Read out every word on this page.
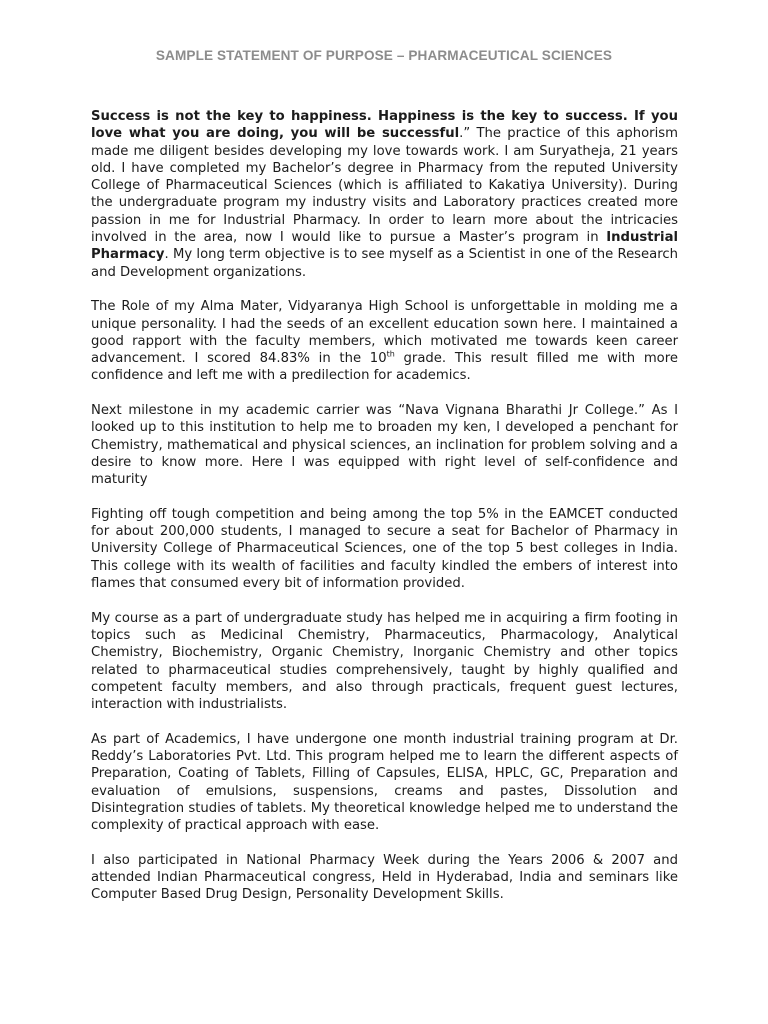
SAMPLE STATEMENT OF PURPOSE – PHARMACEUTICAL SCIENCES

Success is not the key to happiness. Happiness is the key to success. If you love what you are doing, you will be successful.” The practice of this aphorism made me diligent besides developing my love towards work. I am Suryatheja, 21 years old. I have completed my Bachelor’s degree in Pharmacy from the reputed University College of Pharmaceutical Sciences (which is affiliated to Kakatiya University). During the undergraduate program my industry visits and Laboratory practices created more passion in me for Industrial Pharmacy. In order to learn more about the intricacies involved in the area, now I would like to pursue a Master’s program in Industrial Pharmacy. My long term objective is to see myself as a Scientist in one of the Research and Development organizations.

The Role of my Alma Mater, Vidyaranya High School is unforgettable in molding me a unique personality. I had the seeds of an excellent education sown here. I maintained a good rapport with the faculty members, which motivated me towards keen career advancement. I scored 84.83% in the 10th grade. This result filled me with more confidence and left me with a predilection for academics.

Next milestone in my academic carrier was “Nava Vignana Bharathi Jr College.” As I looked up to this institution to help me to broaden my ken, I developed a penchant for Chemistry, mathematical and physical sciences, an inclination for problem solving and a desire to know more. Here I was equipped with right level of self-confidence and maturity

Fighting off tough competition and being among the top 5% in the EAMCET conducted for about 200,000 students, I managed to secure a seat for Bachelor of Pharmacy in University College of Pharmaceutical Sciences, one of the top 5 best colleges in India. This college with its wealth of facilities and faculty kindled the embers of interest into flames that consumed every bit of information provided.

My course as a part of undergraduate study has helped me in acquiring a firm footing in topics such as Medicinal Chemistry, Pharmaceutics, Pharmacology, Analytical Chemistry, Biochemistry, Organic Chemistry, Inorganic Chemistry and other topics related to pharmaceutical studies comprehensively, taught by highly qualified and competent faculty members, and also through practicals, frequent guest lectures, interaction with industrialists.

As part of Academics, I have undergone one month industrial training program at Dr. Reddy’s Laboratories Pvt. Ltd. This program helped me to learn the different aspects of Preparation, Coating of Tablets, Filling of Capsules, ELISA, HPLC, GC, Preparation and evaluation of emulsions, suspensions, creams and pastes, Dissolution and Disintegration studies of tablets. My theoretical knowledge helped me to understand the complexity of practical approach with ease.

I also participated in National Pharmacy Week during the Years 2006 & 2007 and attended Indian Pharmaceutical congress, Held in Hyderabad, India and seminars like Computer Based Drug Design, Personality Development Skills.
